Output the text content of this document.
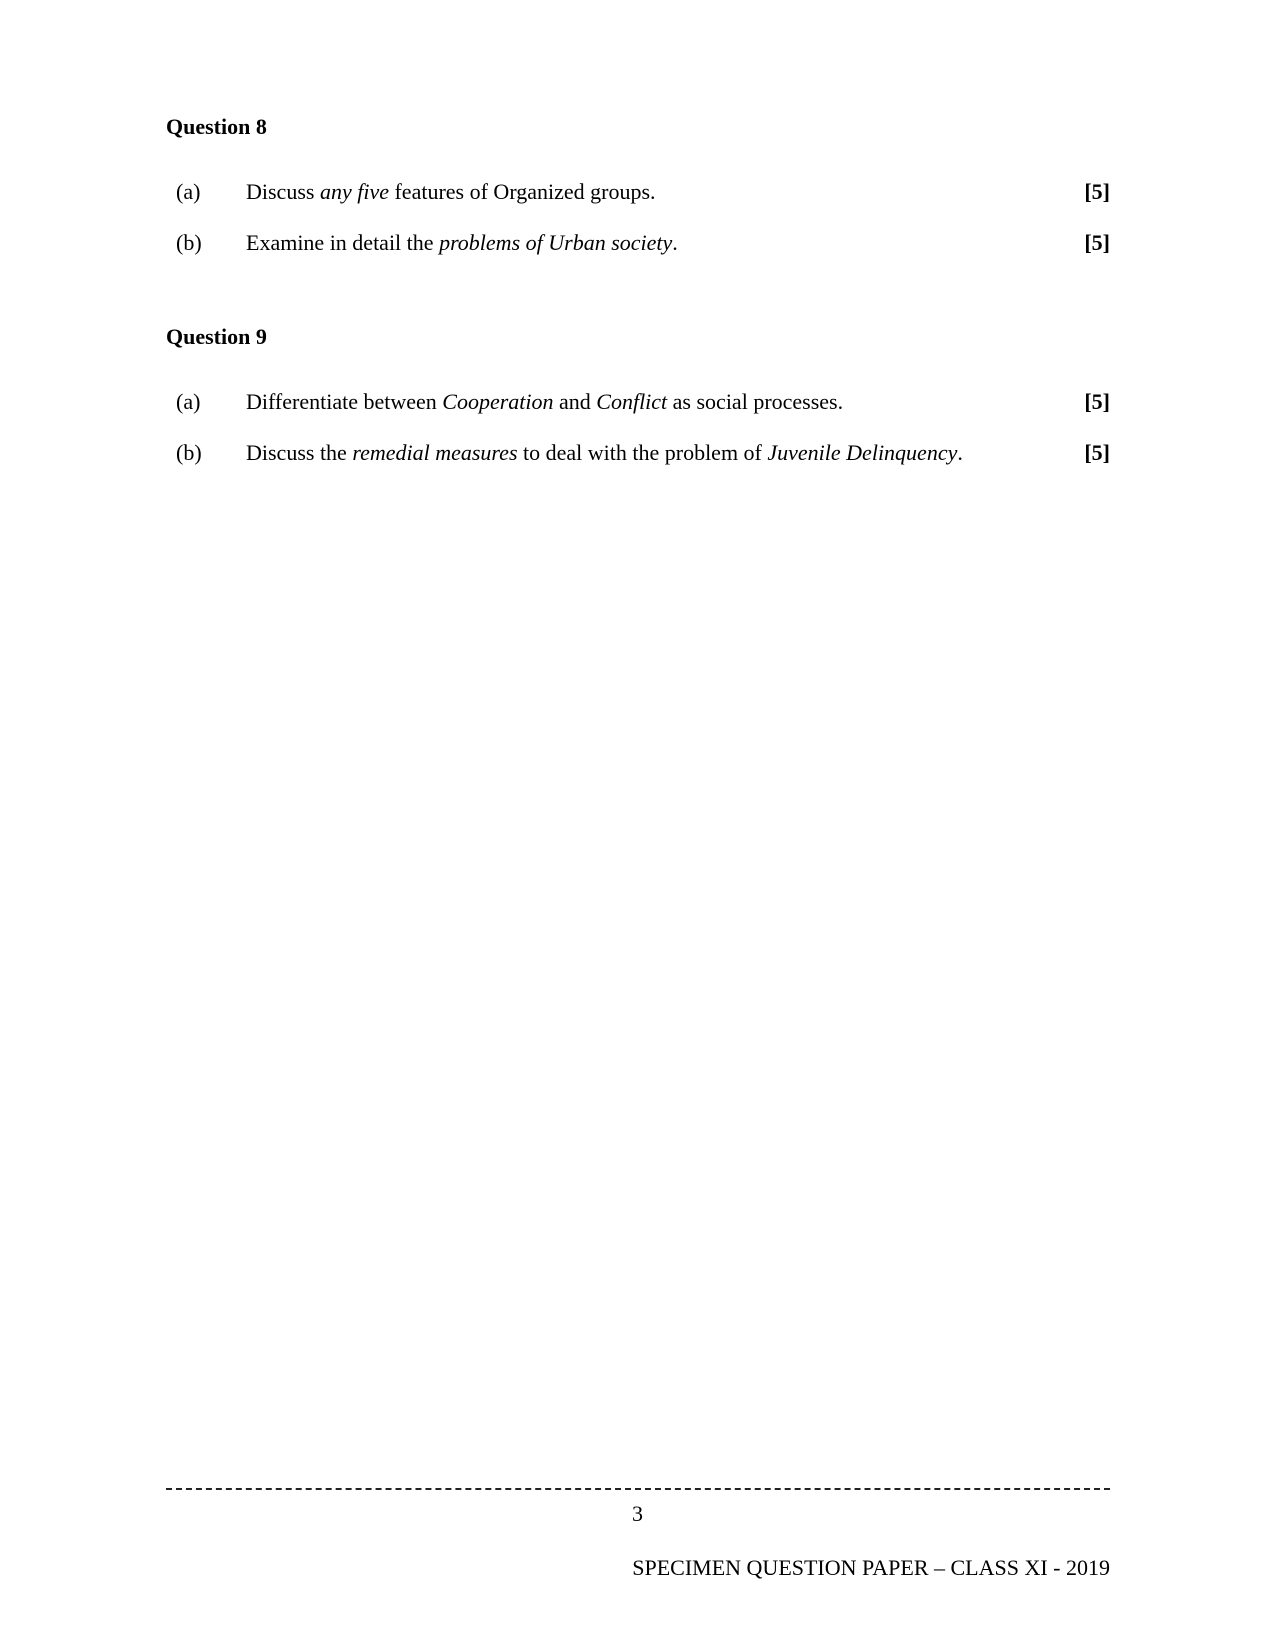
Question 8
(a) Discuss any five features of Organized groups.	[5]
(b) Examine in detail the problems of Urban society.	[5]
Question 9
(a) Differentiate between Cooperation and Conflict as social processes.	[5]
(b) Discuss the remedial measures to deal with the problem of Juvenile Delinquency.	[5]
3
SPECIMEN QUESTION PAPER – CLASS XI - 2019
